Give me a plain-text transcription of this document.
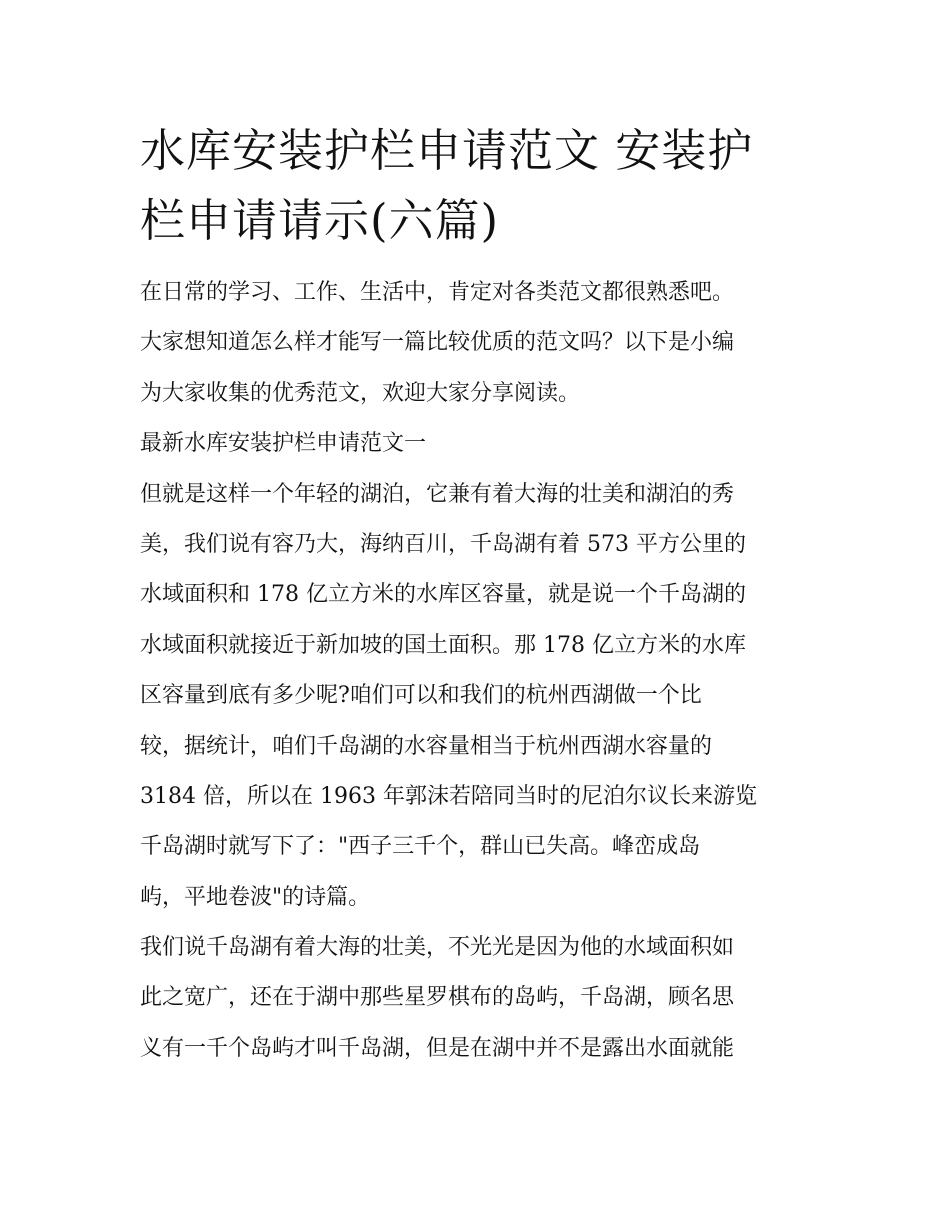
水库安装护栏申请范文 安装护
栏申请请示(六篇)
在日常的学习、工作、生活中，肯定对各类范文都很熟悉吧。
大家想知道怎么样才能写一篇比较优质的范文吗？以下是小编
为大家收集的优秀范文，欢迎大家分享阅读。
最新水库安装护栏申请范文一
但就是这样一个年轻的湖泊，它兼有着大海的壮美和湖泊的秀
美，我们说有容乃大，海纳百川，千岛湖有着 573 平方公里的
水域面积和 178 亿立方米的水库区容量，就是说一个千岛湖的
水域面积就接近于新加坡的国土面积。那 178 亿立方米的水库
区容量到底有多少呢?咱们可以和我们的杭州西湖做一个比
较，据统计，咱们千岛湖的水容量相当于杭州西湖水容量的
3184 倍，所以在 1963 年郭沫若陪同当时的尼泊尔议长来游览
千岛湖时就写下了："西子三千个，群山已失高。峰峦成岛
屿，平地卷波"的诗篇。
我们说千岛湖有着大海的壮美，不光光是因为他的水域面积如
此之宽广，还在于湖中那些星罗棋布的岛屿，千岛湖，顾名思
义有一千个岛屿才叫千岛湖，但是在湖中并不是露出水面就能
